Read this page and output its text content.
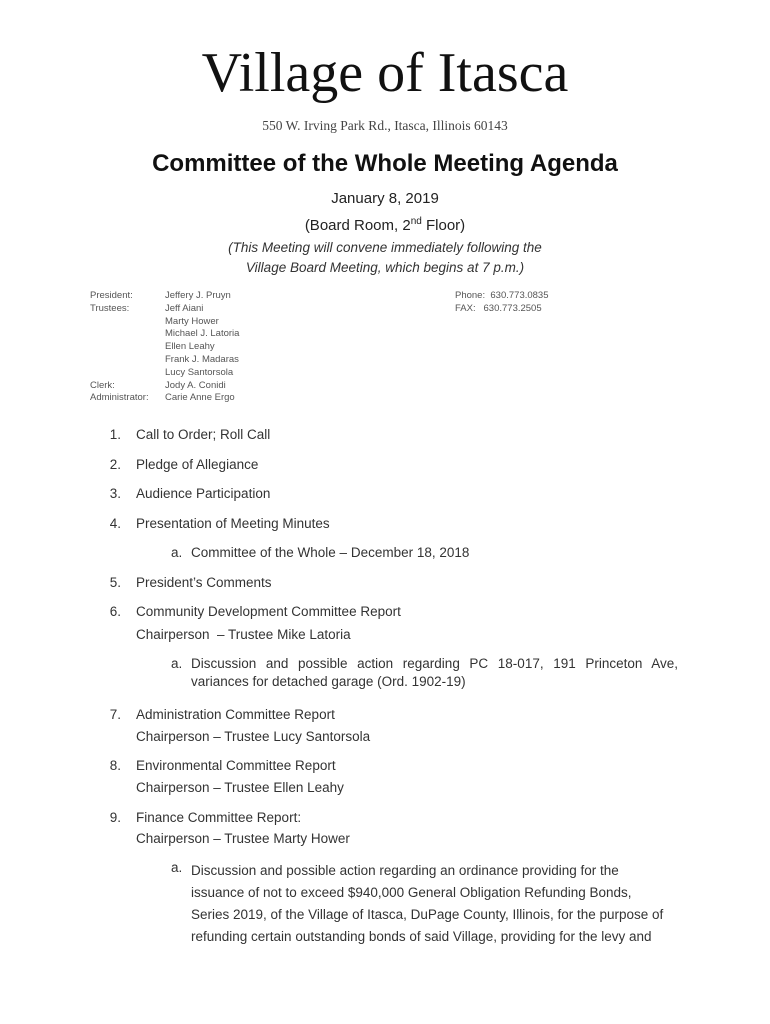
Village of Itasca
550 W. Irving Park Rd., Itasca, Illinois 60143
Committee of the Whole Meeting Agenda
January 8, 2019
(Board Room, 2nd Floor)
(This Meeting will convene immediately following the
Village Board Meeting, which begins at 7 p.m.)
President:	Jeffery J. Pruyn
Trustees:	Jeff Aiani
Marty Hower
Michael J. Latoria
Ellen Leahy
Frank J. Madaras
Lucy Santorsola
Clerk:	Jody A. Conidi
Administrator:	Carie Anne Ergo
Phone:  630.773.0835
FAX:   630.773.2505
1. Call to Order; Roll Call
2. Pledge of Allegiance
3. Audience Participation
4. Presentation of Meeting Minutes
a. Committee of the Whole – December 18, 2018
5. President’s Comments
6. Community Development Committee Report
Chairperson  – Trustee Mike Latoria
a. Discussion and possible action regarding PC 18-017, 191 Princeton Ave,
variances for detached garage (Ord. 1902-19)
7. Administration Committee Report
Chairperson – Trustee Lucy Santorsola
8. Environmental Committee Report
Chairperson – Trustee Ellen Leahy
9. Finance Committee Report:
Chairperson – Trustee Marty Hower
a. Discussion and possible action regarding an ordinance providing for the
issuance of not to exceed $940,000 General Obligation Refunding Bonds,
Series 2019, of the Village of Itasca, DuPage County, Illinois, for the purpose of
refunding certain outstanding bonds of said Village, providing for the levy and
